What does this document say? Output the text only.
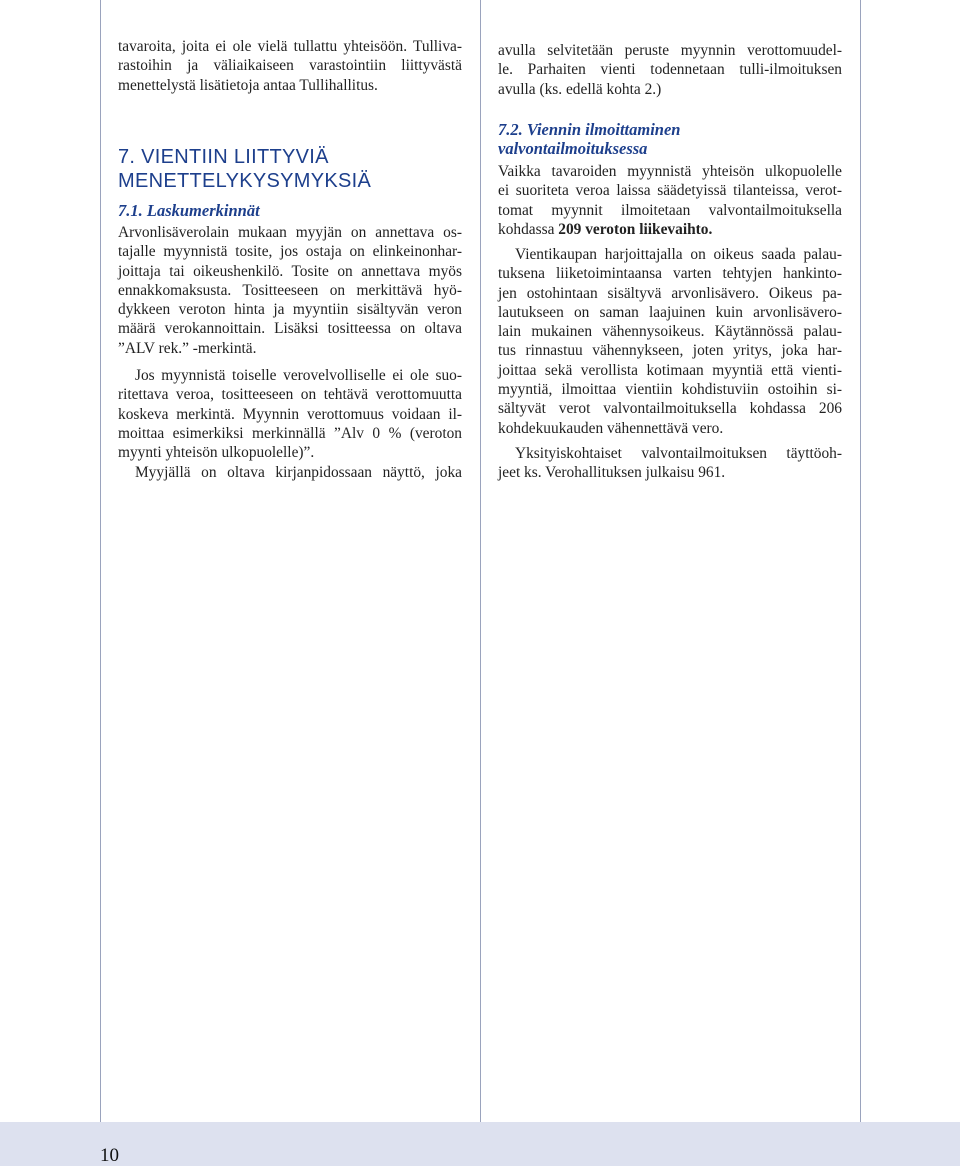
tavaroita, joita ei ole vielä tullattu yhteisöön. Tulliva-
rastoihin ja väliaikaiseen varastointiin liittyvästä
menettelystä lisätietoja antaa Tullihallitus.
7. VIENTIIN LIITTYVIÄ
MENETTELYKYSYMYKSIÄ
7.1. Laskumerkinnät
Arvonlisäverolain mukaan myyjän on annettava os-
tajalle myynnistä tosite, jos ostaja on elinkeinonhar-
joittaja tai oikeushenkilö. Tosite on annettava myös
ennakkomaksusta. Tositteeseen on merkittävä hyö-
dykkeen veroton hinta ja myyntiin sisältyvän veron
määrä verokannoittain. Lisäksi tositteessa on oltava
”ALV rek.” -merkintä.
Jos myynnistä toiselle verovelvolliselle ei ole suo-
ritettava veroa, tositteeseen on tehtävä verottomuutta
koskeva merkintä. Myynnin verottomuus voidaan il-
moittaa esimerkiksi merkinnällä ”Alv 0 % (veroton
myynti yhteisön ulkopuolelle)”.
Myyjällä on oltava kirjanpidossaan näyttö, joka
avulla selvitetään peruste myynnin verottomuudel-
le. Parhaiten vienti todennetaan tulli-ilmoituksen
avulla (ks. edellä kohta 2.)
7.2. Viennin ilmoittaminen
valvontailmoituksessa
Vaikka tavaroiden myynnistä yhteisön ulkopuolelle
ei suoriteta veroa laissa säädetyissä tilanteissa, verot-
tomat myynnit ilmoitetaan valvontailmoituksella
kohdassa 209 veroton liikevaihto.
Vientikaupan harjoittajalla on oikeus saada palau-
tuksena liiketoimintaansa varten tehtyjen hankinto-
jen ostohintaan sisältyvä arvonlisävero. Oikeus pa-
lautukseen on saman laajuinen kuin arvonlisävero-
lain mukainen vähennysoikeus. Käytännössä palau-
tus rinnastuu vähennykseen, joten yritys, joka har-
joittaa sekä verollista kotimaan myyntiä että vienti-
myyntiä, ilmoittaa vientiin kohdistuviin ostoihin si-
sältyvät verot valvontailmoituksella kohdassa 206
kohdekuukauden vähennettävä vero.
Yksityiskohtaiset valvontailmoituksen täyttöoh-
jeet ks. Verohallituksen julkaisu 961.
10
